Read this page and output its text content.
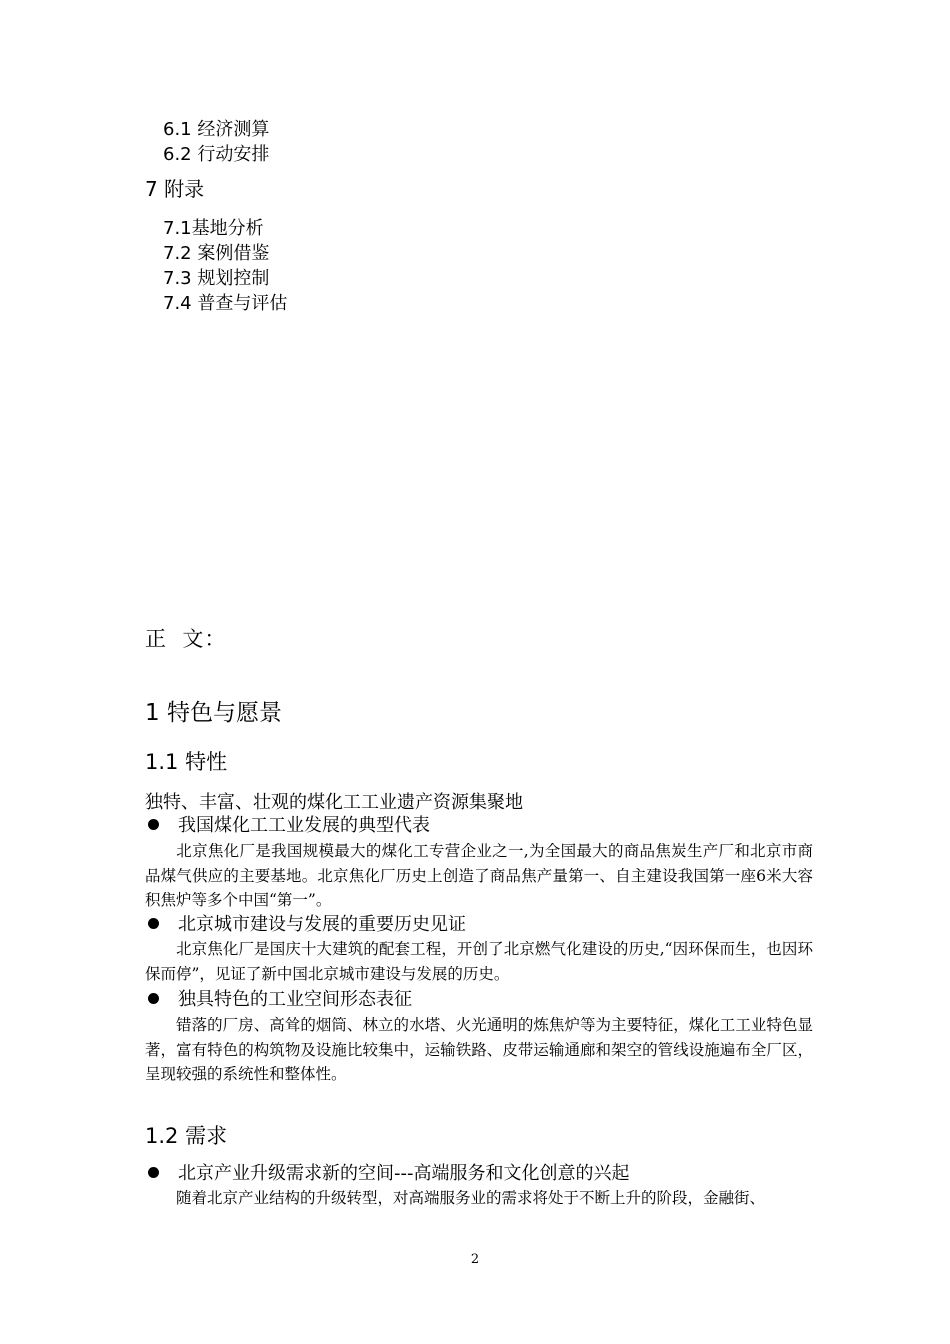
6.1 经济测算
6.2 行动安排
7 附录
7.1基地分析
7.2 案例借鉴
7.3 规划控制
7.4 普查与评估
正  文：
1 特色与愿景
1.1 特性
独特、丰富、壮观的煤化工工业遗产资源集聚地
我国煤化工工业发展的典型代表
北京焦化厂是我国规模最大的煤化工专营企业之一,为全国最大的商品焦炭生产厂和北京市商品煤气供应的主要基地。北京焦化厂历史上创造了商品焦产量第一、自主建设我国第一座6米大容积焦炉等多个中国“第一”。
北京城市建设与发展的重要历史见证
北京焦化厂是国庆十大建筑的配套工程，开创了北京燃气化建设的历史,“因环保而生，也因环保而停”，见证了新中国北京城市建设与发展的历史。
独具特色的工业空间形态表征
错落的厂房、高耸的烟筒、林立的水塔、火光通明的炼焦炉等为主要特征，煤化工工业特色显著，富有特色的构筑物及设施比较集中，运输铁路、皮带运输通廊和架空的管线设施遍布全厂区，呈现较强的系统性和整体性。
1.2 需求
北京产业升级需求新的空间---高端服务和文化创意的兴起
随着北京产业结构的升级转型，对高端服务业的需求将处于不断上升的阶段，金融街、
2
